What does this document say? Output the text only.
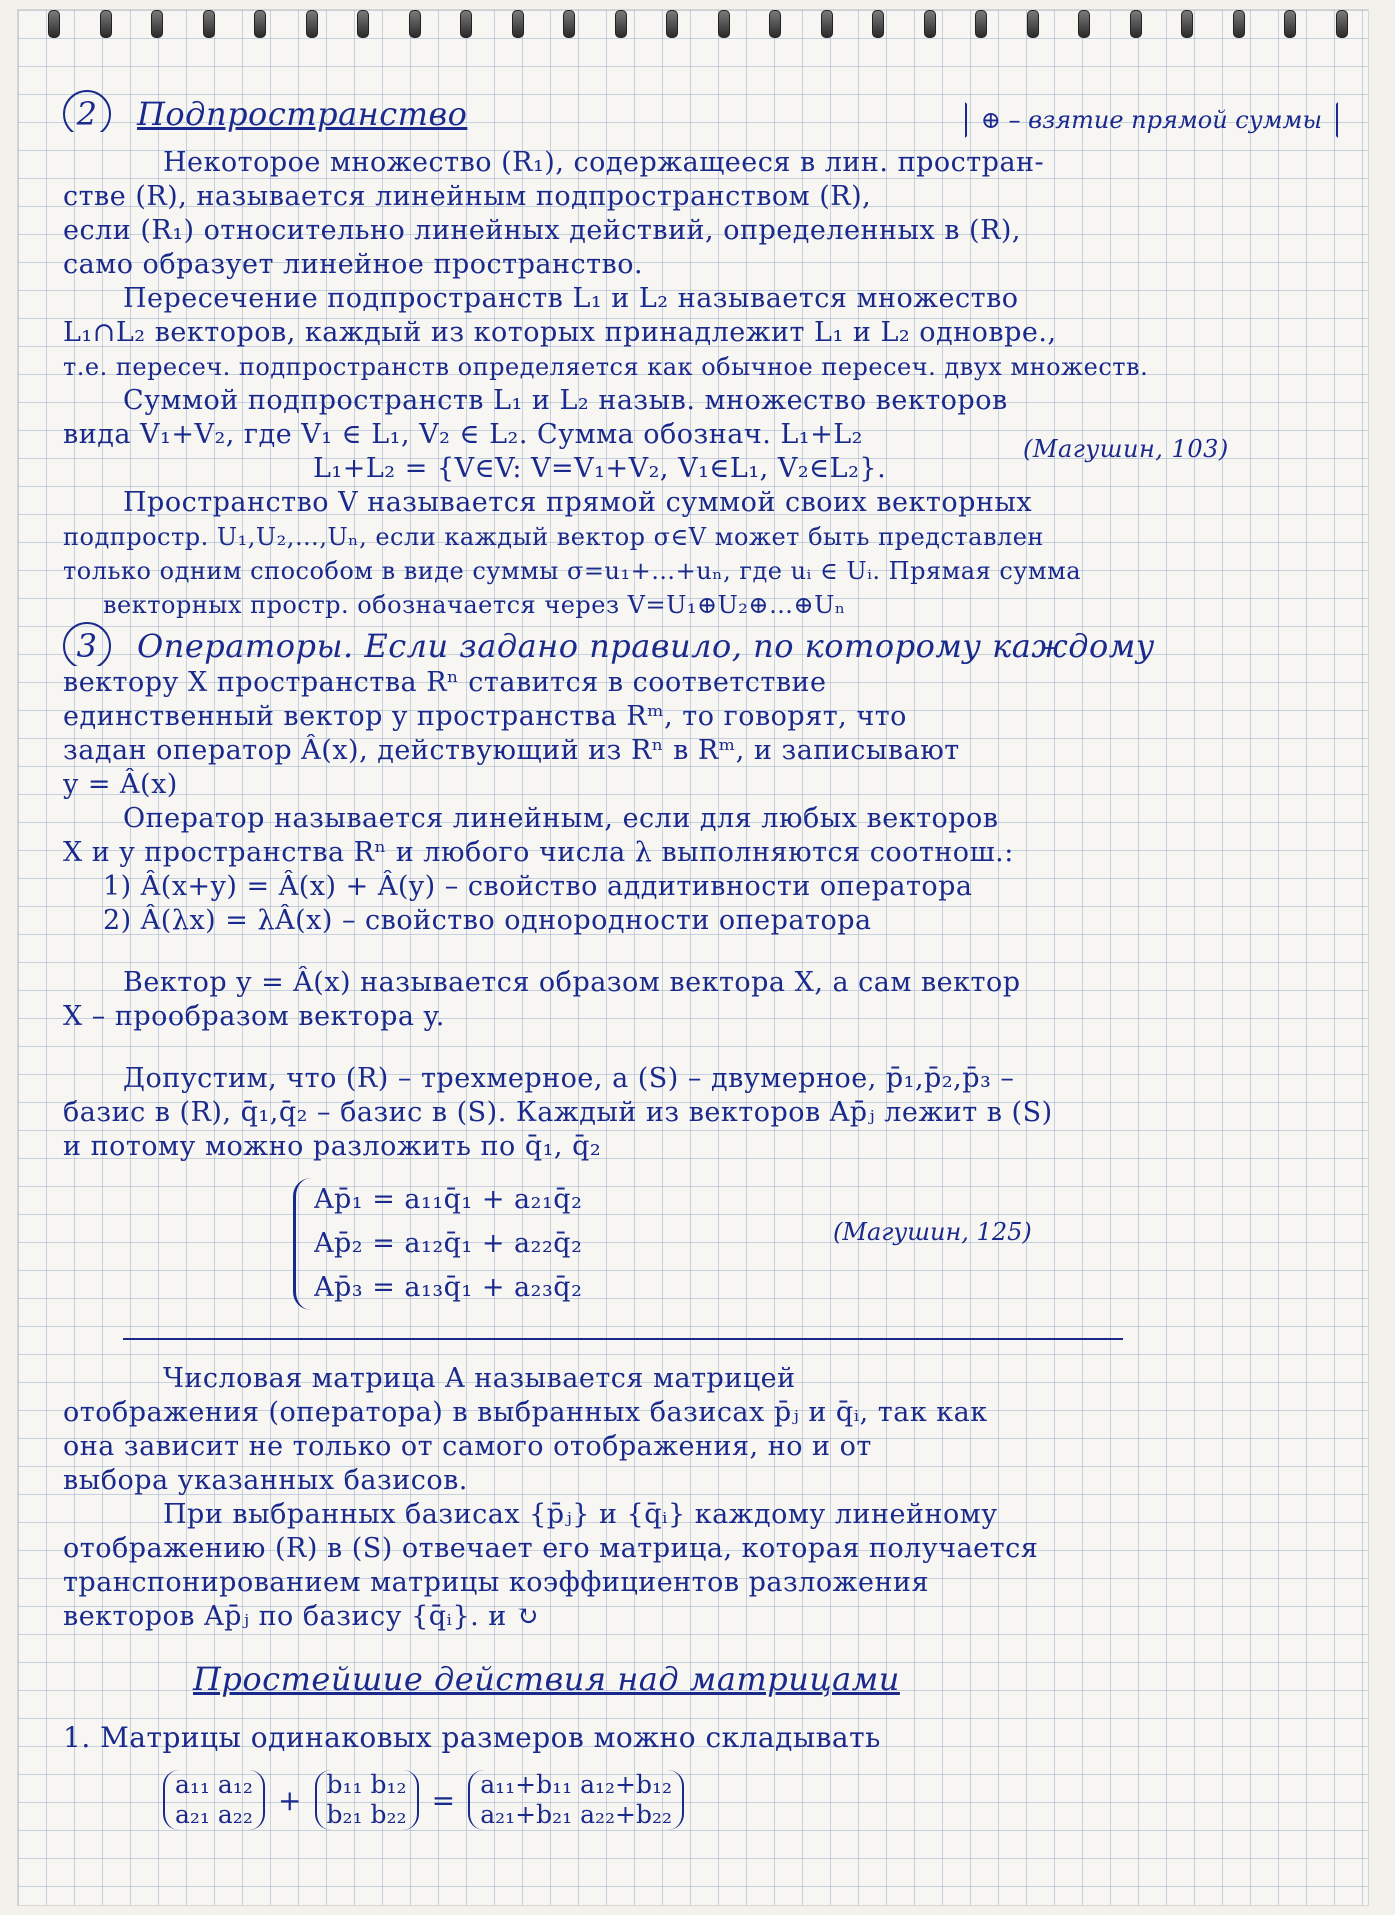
⊕ – взятие прямой суммы
2 Подпространство
Некоторое множество (R₁), содержащееся в лин. простран-
стве (R), называется линейным подпространством (R),
если (R₁) относительно линейных действий, определенных в (R),
само образует линейное пространство.
Пересечение подпространств L₁ и L₂ называется множество
L₁∩L₂ векторов, каждый из которых принадлежит L₁ и L₂ одновре.,
т.е. пересеч. подпространств определяется как обычное пересеч. двух множеств.
Суммой подпространств L₁ и L₂ назыв. множество векторов
вида V₁+V₂, где V₁ ∈ L₁, V₂ ∈ L₂. Сумма обознач. L₁+L₂
L₁+L₂ = {V∈V: V=V₁+V₂, V₁∈L₁, V₂∈L₂}.
(Магушин, 103)
Пространство V называется прямой суммой своих векторных
подпростр. U₁,U₂,…,Uₙ, если каждый вектор σ∈V может быть представлен
только одним способом в виде суммы σ=u₁+…+uₙ, где uᵢ ∈ Uᵢ. Прямая сумма
векторных простр. обозначается через V=U₁⊕U₂⊕…⊕Uₙ
3 Операторы. Если задано правило, по которому каждому
вектору X пространства Rⁿ ставится в соответствие
единственный вектор y пространства Rᵐ, то говорят, что
задан оператор Â(x), действующий из Rⁿ в Rᵐ, и записывают
y = Â(x)
Оператор называется линейным, если для любых векторов
X и y пространства Rⁿ и любого числа λ выполняются соотнош.:
1) Â(x+y) = Â(x) + Â(y) – свойство аддитивности оператора
2) Â(λx) = λÂ(x) – свойство однородности оператора
Вектор y = Â(x) называется образом вектора X, а сам вектор
X – прообразом вектора y.
Допустим, что (R) – трехмерное, а (S) – двумерное, p̄₁,p̄₂,p̄₃ –
базис в (R), q̄₁,q̄₂ – базис в (S). Каждый из векторов Ap̄ⱼ лежит в (S)
и потому можно разложить по q̄₁, q̄₂
Ap̄₁ = a₁₁q̄₁ + a₂₁q̄₂
Ap̄₂ = a₁₂q̄₁ + a₂₂q̄₂
Ap̄₃ = a₁₃q̄₁ + a₂₃q̄₂
(Магушин, 125)
Числовая матрица A называется матрицей
отображения (оператора) в выбранных базисах p̄ⱼ и q̄ᵢ, так как
она зависит не только от самого отображения, но и от
выбора указанных базисов.
При выбранных базисах {p̄ⱼ} и {q̄ᵢ} каждому линейному
отображению (R) в (S) отвечает его матрица, которая получается
транспонированием матрицы коэффициентов разложения
векторов Ap̄ⱼ по базису {q̄ᵢ}. и ↻
Простейшие действия над матрицами
1. Матрицы одинаковых размеров можно складывать
a₁₁ a₁₂
a₂₁ a₂₂ + b₁₁ b₁₂
b₂₁ b₂₂ = a₁₁+b₁₁ a₁₂+b₁₂
a₂₁+b₂₁ a₂₂+b₂₂
